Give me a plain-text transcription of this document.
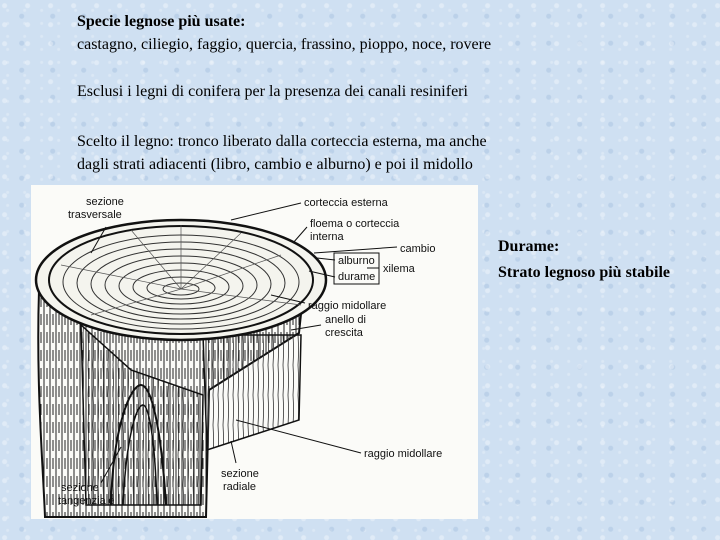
Specie legnose più usate:
castagno, ciliegio, faggio, quercia, frassino, pioppo, noce, rovere
Esclusi i legni di conifera per la presenza dei canali resiniferi
Scelto il legno: tronco liberato dalla corteccia esterna, ma anche
dagli strati adiacenti (libro, cambio e alburno) e poi il midollo
Durame:
Strato legnoso più stabile
sezione
trasversale
corteccia esterna
floema o corteccia
interna
cambio
alburno
durame
xilema
raggio midollare
anello di
crescita
raggio midollare
sezione
radiale
sezione
tangenziale
